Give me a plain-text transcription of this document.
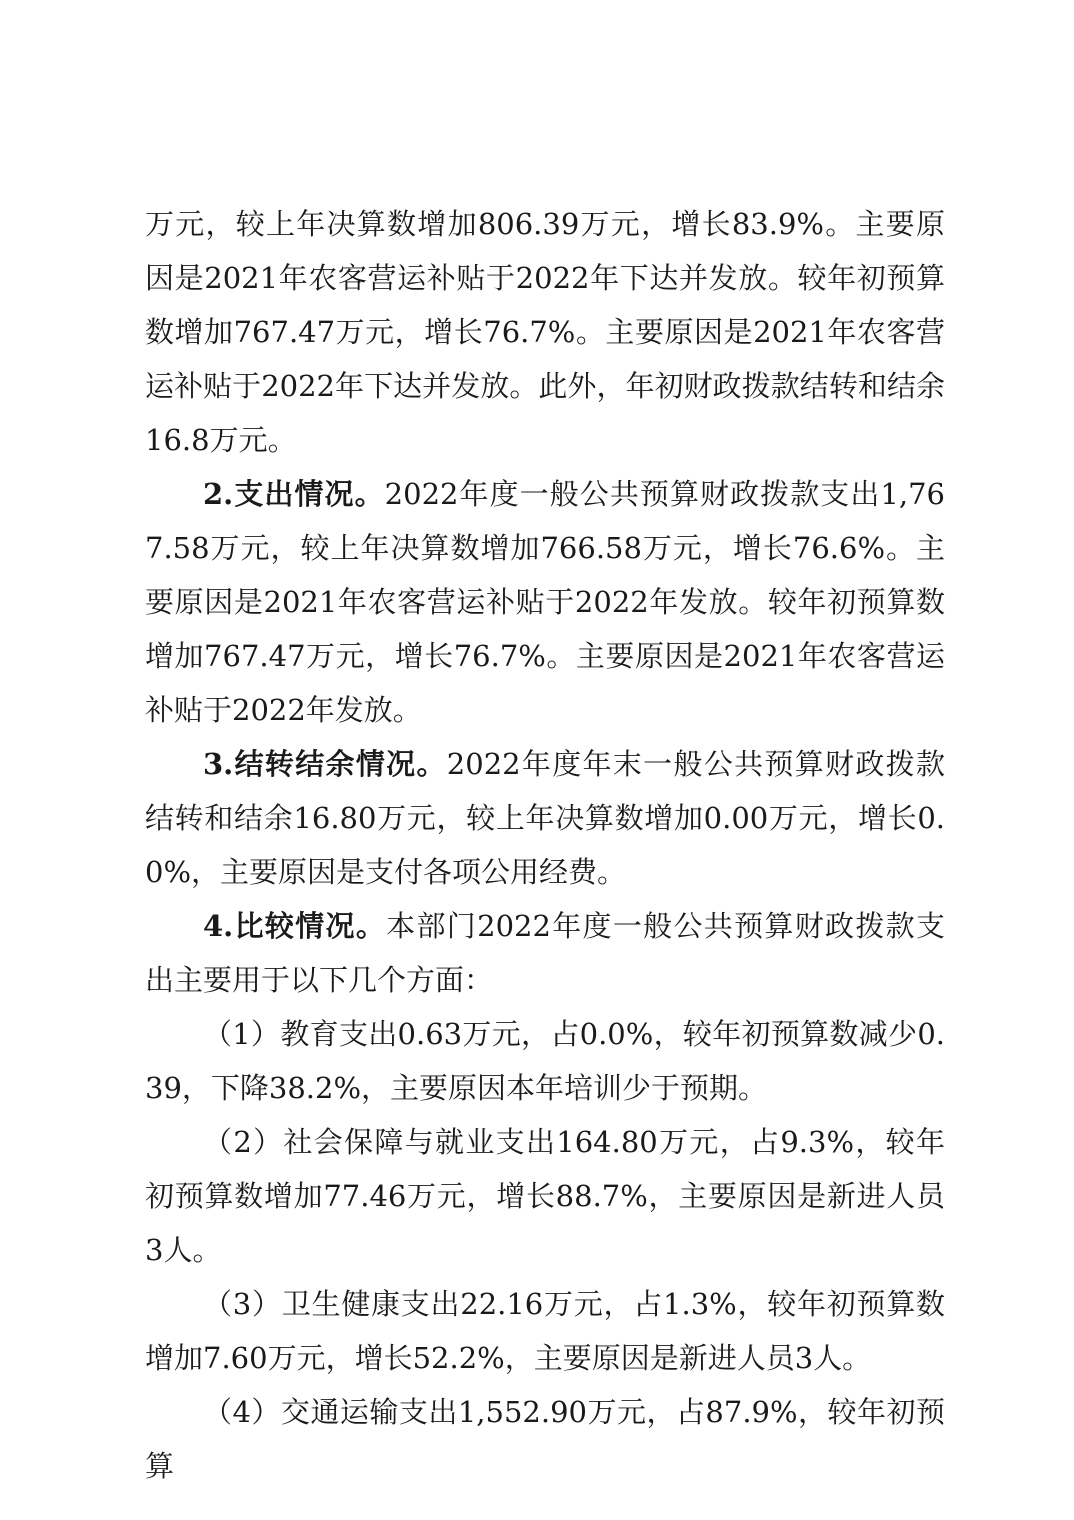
万元，较上年决算数增加806.39万元，增长83.9%。主要原因是2021年农客营运补贴于2022年下达并发放。较年初预算数增加767.47万元，增长76.7%。主要原因是2021年农客营运补贴于2022年下达并发放。此外，年初财政拨款结转和结余16.8万元。

2.支出情况。2022年度一般公共预算财政拨款支出1,767.58万元，较上年决算数增加766.58万元，增长76.6%。主要原因是2021年农客营运补贴于2022年发放。较年初预算数增加767.47万元，增长76.7%。主要原因是2021年农客营运补贴于2022年发放。

3.结转结余情况。2022年度年末一般公共预算财政拨款结转和结余16.80万元，较上年决算数增加0.00万元，增长0.0%，主要原因是支付各项公用经费。

4.比较情况。本部门2022年度一般公共预算财政拨款支出主要用于以下几个方面：

（1）教育支出0.63万元，占0.0%，较年初预算数减少0.39，下降38.2%，主要原因本年培训少于预期。

（2）社会保障与就业支出164.80万元，占9.3%，较年初预算数增加77.46万元，增长88.7%，主要原因是新进人员3人。

（3）卫生健康支出22.16万元，占1.3%，较年初预算数增加7.60万元，增长52.2%，主要原因是新进人员3人。

（4）交通运输支出1,552.90万元，占87.9%，较年初预算
